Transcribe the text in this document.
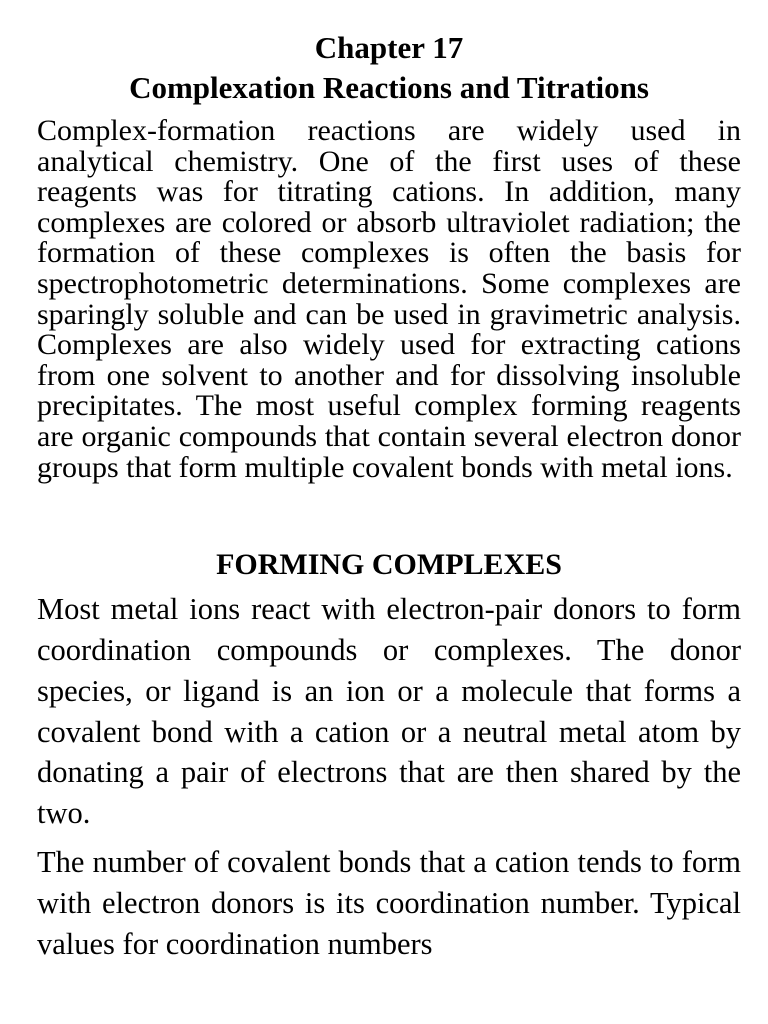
Chapter 17
Complexation Reactions and Titrations

Complex-formation reactions are widely used in analytical chemistry. One of the first uses of these reagents was for titrating cations. In addition, many complexes are colored or absorb ultraviolet radiation; the formation of these complexes is often the basis for spectrophotometric determinations. Some complexes are sparingly soluble and can be used in gravimetric analysis. Complexes are also widely used for extracting cations from one solvent to another and for dissolving insoluble precipitates. The most useful complex forming reagents are organic compounds that contain several electron donor groups that form multiple covalent bonds with metal ions.

FORMING COMPLEXES

Most metal ions react with electron-pair donors to form coordination compounds or complexes. The donor species, or ligand is an ion or a molecule that forms a covalent bond with a cation or a neutral metal atom by donating a pair of electrons that are then shared by the two.

The number of covalent bonds that a cation tends to form with electron donors is its coordination number. Typical values for coordination numbers
